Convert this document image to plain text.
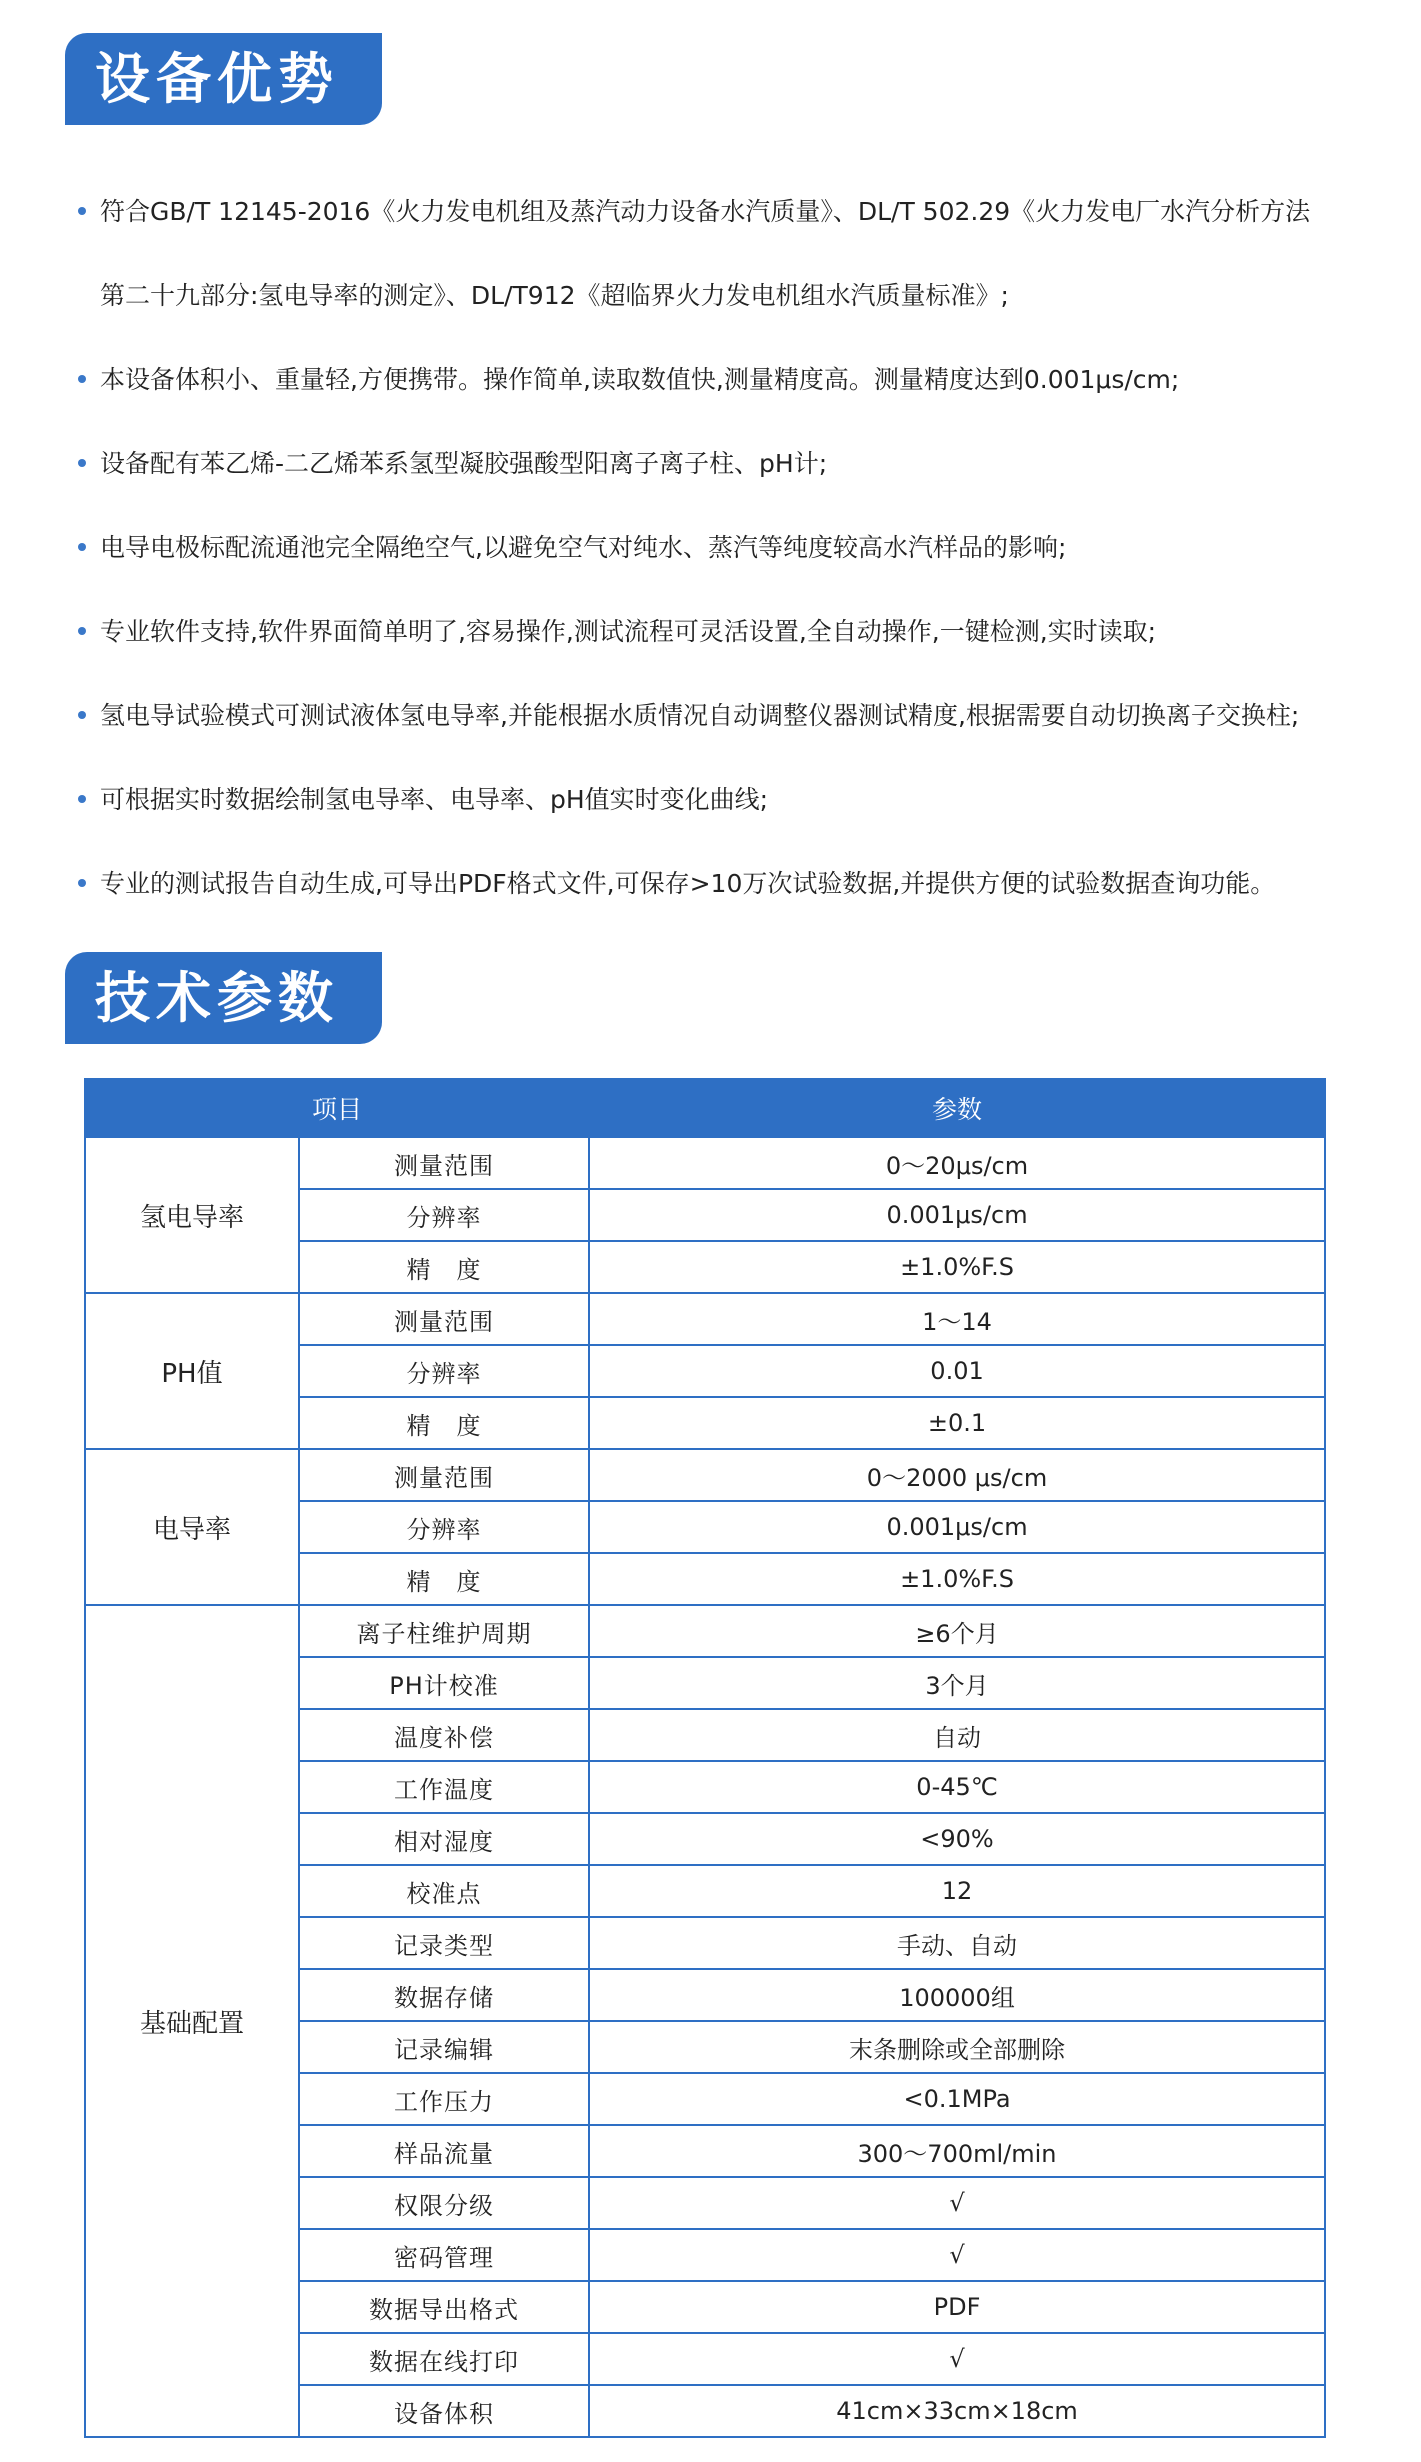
设备优势
符合GB/T 12145-2016《火力发电机组及蒸汽动力设备水汽质量》、DL/T 502.29《火力发电厂水汽分析方法
第二十九部分:氢电导率的测定》、DL/T912《超临界火力发电机组水汽质量标准》;
本设备体积小、重量轻,方便携带。操作简单,读取数值快,测量精度高。测量精度达到0.001μs/cm;
设备配有苯乙烯-二乙烯苯系氢型凝胶强酸型阳离子离子柱、pH计;
电导电极标配流通池完全隔绝空气,以避免空气对纯水、蒸汽等纯度较高水汽样品的影响;
专业软件支持,软件界面简单明了,容易操作,测试流程可灵活设置,全自动操作,一键检测,实时读取;
氢电导试验模式可测试液体氢电导率,并能根据水质情况自动调整仪器测试精度,根据需要自动切换离子交换柱;
可根据实时数据绘制氢电导率、电导率、pH值实时变化曲线;
专业的测试报告自动生成,可导出PDF格式文件,可保存>10万次试验数据,并提供方便的试验数据查询功能。
技术参数
项目		参数
氢电导率	测量范围	0～20μs/cm
	分辨率	0.001μs/cm
	精　度	±1.0%F.S
PH值	测量范围	1～14
	分辨率	0.01
	精　度	±0.1
电导率	测量范围	0～2000 μs/cm
	分辨率	0.001μs/cm
	精　度	±1.0%F.S
基础配置	离子柱维护周期	≥6个月
	PH计校准	3个月
	温度补偿	自动
	工作温度	0-45℃
	相对湿度	<90%
	校准点	12
	记录类型	手动、自动
	数据存储	100000组
	记录编辑	末条删除或全部删除
	工作压力	<0.1MPa
	样品流量	300～700ml/min
	权限分级	√
	密码管理	√
	数据导出格式	PDF
	数据在线打印	√
	设备体积	41cm×33cm×18cm
